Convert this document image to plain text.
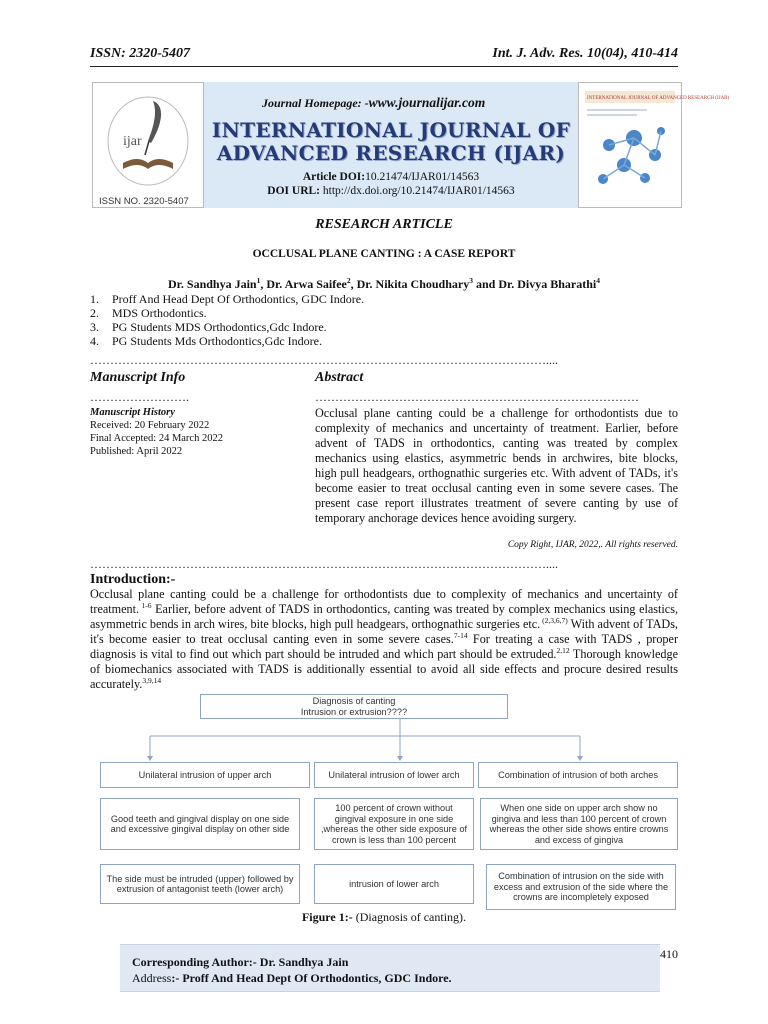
ISSN: 2320-5407	Int. J. Adv. Res. 10(04), 410-414
ijar
ISSN NO. 2320-5407
Journal Homepage: -www.journalijar.com
INTERNATIONAL JOURNAL OF
ADVANCED RESEARCH (IJAR)
Article DOI:10.21474/IJAR01/14563
DOI URL: http://dx.doi.org/10.21474/IJAR01/14563
INTERNATIONAL JOURNAL OF ADVANCED RESEARCH (IJAR)
RESEARCH ARTICLE
OCCLUSAL PLANE CANTING : A CASE REPORT
Dr. Sandhya Jain$^1$, Dr. Arwa Saifee$^2$, Dr. Nikita Choudhary$^3$ and Dr. Divya Bharathi$^4$
1. Proff And Head Dept Of Orthodontics, GDC Indore.
2. MDS Orthodontics.
3. PG Students MDS Orthodontics,Gdc Indore.
4. PG Students Mds Orthodontics,Gdc Indore.
……………………………………………………………………………………………………....
Manuscript Info
…………………….
Manuscript History
Received: 20 February 2022
Final Accepted: 24 March 2022
Published: April 2022
Abstract
………………………………………………………………………
Occlusal plane canting could be a challenge for orthodontists due to complexity of mechanics and uncertainty of treatment. Earlier, before advent of TADS in orthodontics, canting was treated by complex mechanics using elastics, asymmetric bends in archwires, bite blocks, high pull headgears, orthognathic surgeries etc. With advent of TADs, it's become easier to treat occlusal canting even in some severe cases. The present case report illustrates treatment of severe canting by use of temporary anchorage devices hence avoiding surgery.
Copy Right, IJAR, 2022,. All rights reserved.
……………………………………………………………………………………………………....
Introduction:-
Occlusal plane canting could be a challenge for orthodontists due to complexity of mechanics and uncertainty of treatment. $^{1-6}$ Earlier, before advent of TADS in orthodontics, canting was treated by complex mechanics using elastics, asymmetric bends in arch wires, bite blocks, high pull headgears, orthognathic surgeries etc. $^{(2,3,6,7)}$ With advent of TADs, it's become easier to treat occlusal canting even in some severe cases.$^{7-14}$ For treating a case with TADS , proper diagnosis is vital to find out which part should be intruded and which part should be extruded.$^{2,12}$ Thorough knowledge of biomechanics associated with TADS is additionally essential to avoid all side effects and procure desired results accurately.$^{3,9,14}$
Diagnosis of canting
Intrusion or extrusion????
Unilateral intrusion of upper arch	Unilateral intrusion of lower arch	Combination of intrusion of both arches
Good teeth and gingival display on one side and excessive gingival display on other side
100 percent of crown without gingival exposure in one side ,whereas the other side exposure of crown is less than 100 percent
When one side on upper arch show no gingiva and less than 100 percent of crown whereas the other side shows entire crowns and excess of gingiva
The side must be intruded (upper) followed by extrusion of antagonist teeth (lower arch)
intrusion of lower arch
Combination of intrusion on the side with excess and extrusion of the side where the crowns are incompletely exposed
Figure 1:- (Diagnosis of canting).
Corresponding Author:- Dr. Sandhya Jain
Address:- Proff And Head Dept Of Orthodontics, GDC Indore.
410
